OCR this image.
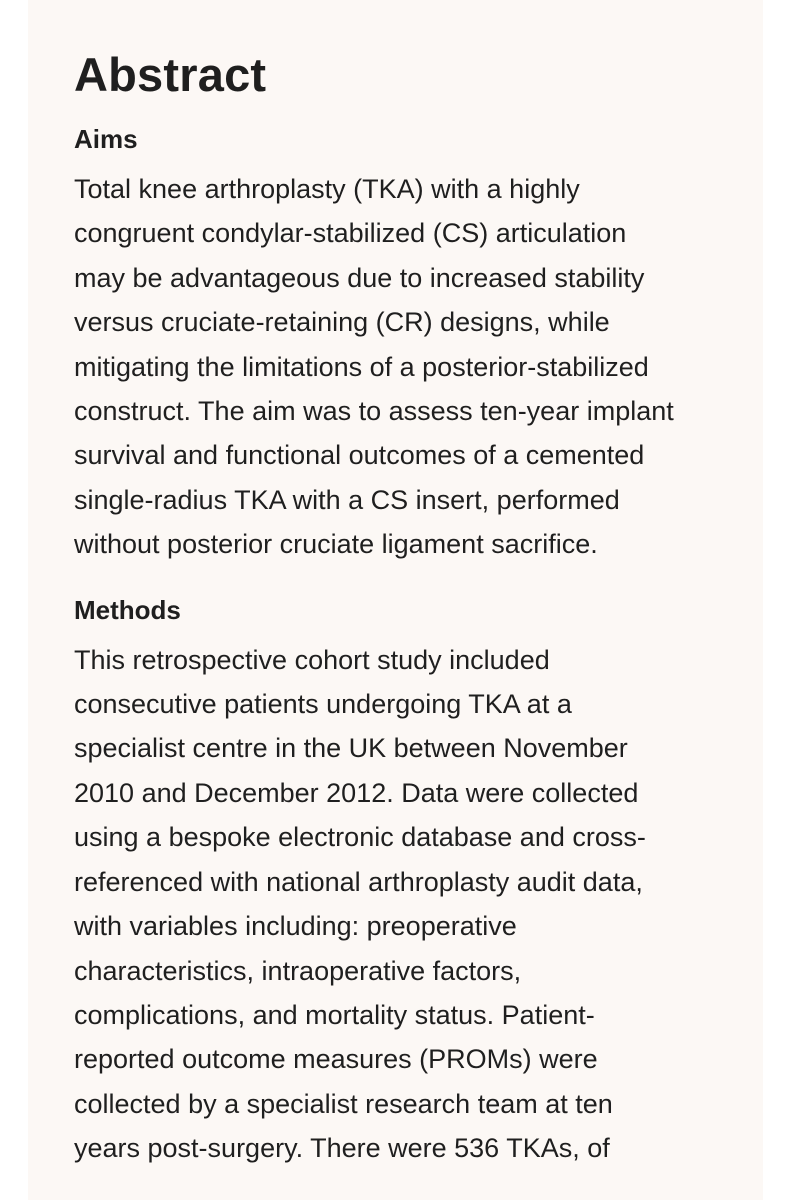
Abstract
Aims
Total knee arthroplasty (TKA) with a highly
congruent condylar-stabilized (CS) articulation
may be advantageous due to increased stability
versus cruciate-retaining (CR) designs, while
mitigating the limitations of a posterior-stabilized
construct. The aim was to assess ten-year implant
survival and functional outcomes of a cemented
single-radius TKA with a CS insert, performed
without posterior cruciate ligament sacrifice.
Methods
This retrospective cohort study included
consecutive patients undergoing TKA at a
specialist centre in the UK between November
2010 and December 2012. Data were collected
using a bespoke electronic database and cross-
referenced with national arthroplasty audit data,
with variables including: preoperative
characteristics, intraoperative factors,
complications, and mortality status. Patient-
reported outcome measures (PROMs) were
collected by a specialist research team at ten
years post-surgery. There were 536 TKAs, of
